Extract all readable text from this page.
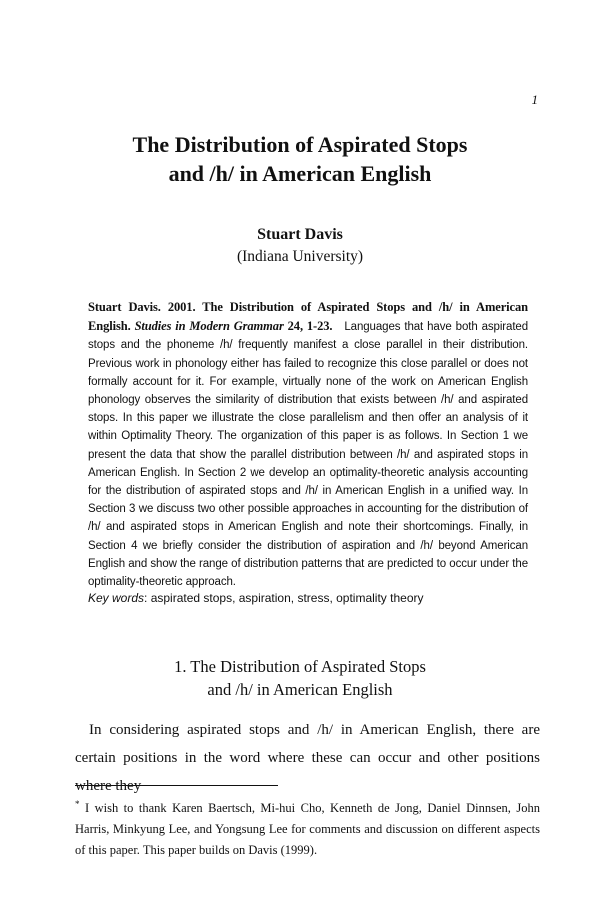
1
The Distribution of Aspirated Stops
and /h/ in American English
Stuart Davis
(Indiana University)
Stuart Davis. 2001. The Distribution of Aspirated Stops and /h/ in American English. Studies in Modern Grammar 24, 1-23. Languages that have both aspirated stops and the phoneme /h/ frequently manifest a close parallel in their distribution. Previous work in phonology either has failed to recognize this close parallel or does not formally account for it. For example, virtually none of the work on American English phonology observes the similarity of distribution that exists between /h/ and aspirated stops. In this paper we illustrate the close parallelism and then offer an analysis of it within Optimality Theory. The organization of this paper is as follows. In Section 1 we present the data that show the parallel distribution between /h/ and aspirated stops in American English. In Section 2 we develop an optimality-theoretic analysis accounting for the distribution of aspirated stops and /h/ in American English in a unified way. In Section 3 we discuss two other possible approaches in accounting for the distribution of /h/ and aspirated stops in American English and note their shortcomings. Finally, in Section 4 we briefly consider the distribution of aspiration and /h/ beyond American English and show the range of distribution patterns that are predicted to occur under the optimality-theoretic approach.
Key words: aspirated stops, aspiration, stress, optimality theory
1. The Distribution of Aspirated Stops
and /h/ in American English
In considering aspirated stops and /h/ in American English, there are certain positions in the word where these can occur and other positions where they
* I wish to thank Karen Baertsch, Mi-hui Cho, Kenneth de Jong, Daniel Dinnsen, John Harris, Minkyung Lee, and Yongsung Lee for comments and discussion on different aspects of this paper. This paper builds on Davis (1999).
